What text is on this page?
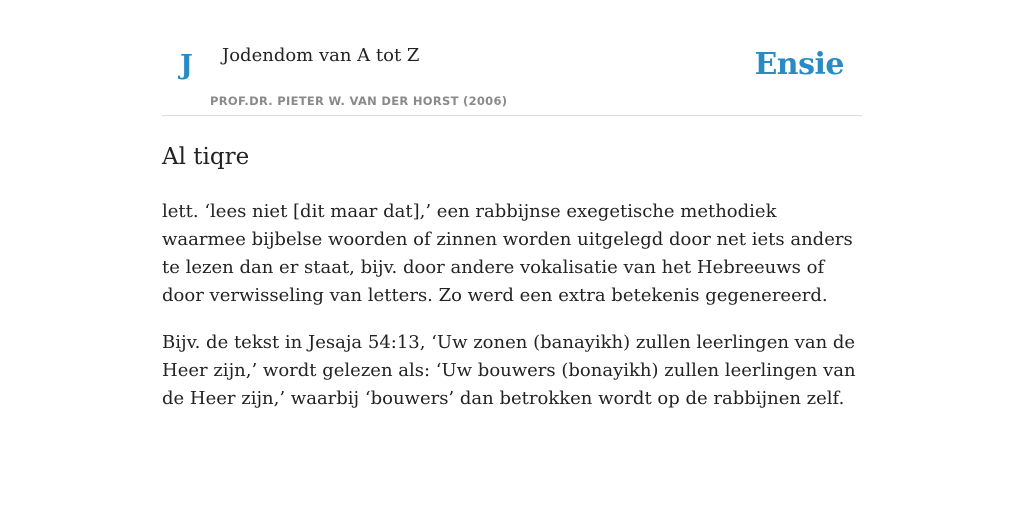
J Jodendom van A tot Z
PROF.DR. PIETER W. VAN DER HORST (2006)
Ensie
Al tiqre

lett. ‘lees niet [dit maar dat],’ een rabbijnse exegetische methodiek waarmee bijbelse woorden of zinnen worden uitgelegd door net iets anders te lezen dan er staat, bijv. door andere vokalisatie van het Hebreeuws of door verwisseling van letters. Zo werd een extra betekenis gegenereerd.

Bijv. de tekst in Jesaja 54:13, ‘Uw zonen (banayikh) zullen leerlingen van de Heer zijn,’ wordt gelezen als: ‘Uw bouwers (bonayikh) zullen leerlingen van de Heer zijn,’ waarbij ‘bouwers’ dan betrokken wordt op de rabbijnen zelf.
